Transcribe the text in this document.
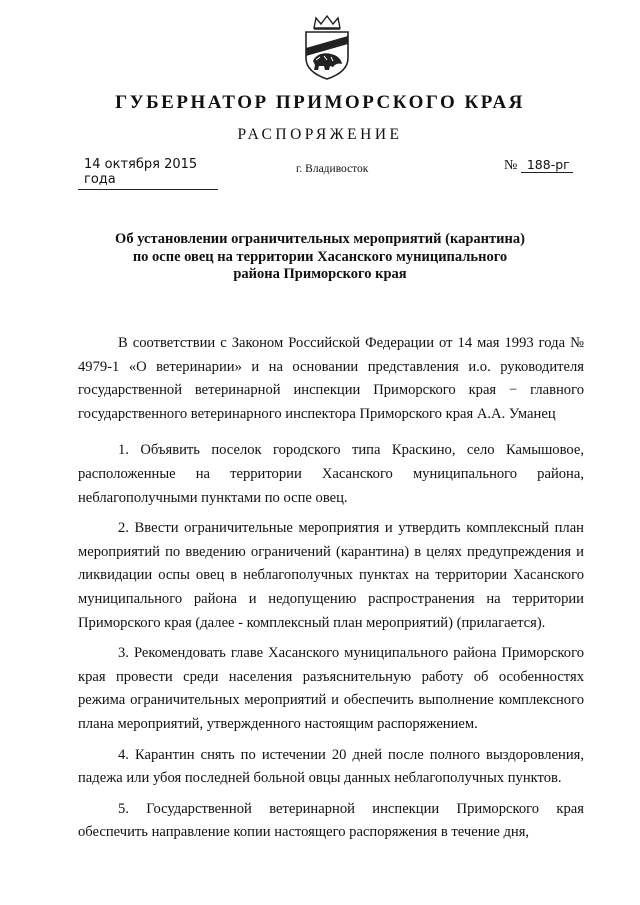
ГУБЕРНАТОР ПРИМОРСКОГО КРАЯ
РАСПОРЯЖЕНИЕ
14 октября 2015 года
г. Владивосток	№ 188-рг
Об установлении ограничительных мероприятий (карантина)
по оспе овец на территории Хасанского муниципального
района Приморского края

В соответствии с Законом Российской Федерации от 14 мая 1993 года № 4979-1 «О ветеринарии» и на основании представления и.о. руководителя государственной ветеринарной инспекции Приморского края − главного государственного ветеринарного инспектора Приморского края А.А. Уманец

1. Объявить поселок городского типа Краскино, село Камышовое, расположенные на территории Хасанского муниципального района, неблагополучными пунктами по оспе овец.

2. Ввести ограничительные мероприятия и утвердить комплексный план мероприятий по введению ограничений (карантина) в целях предупреждения и ликвидации оспы овец в неблагополучных пунктах на территории Хасанского муниципального района и недопущению распространения на территории Приморского края (далее - комплексный план мероприятий) (прилагается).

3. Рекомендовать главе Хасанского муниципального района Приморского края провести среди населения разъяснительную работу об особенностях режима ограничительных мероприятий и обеспечить выполнение комплексного плана мероприятий, утвержденного настоящим распоряжением.

4. Карантин снять по истечении 20 дней после полного выздоровления, падежа или убоя последней больной овцы данных неблагополучных пунктов.

5. Государственной ветеринарной инспекции Приморского края обеспечить направление копии настоящего распоряжения в течение дня,
